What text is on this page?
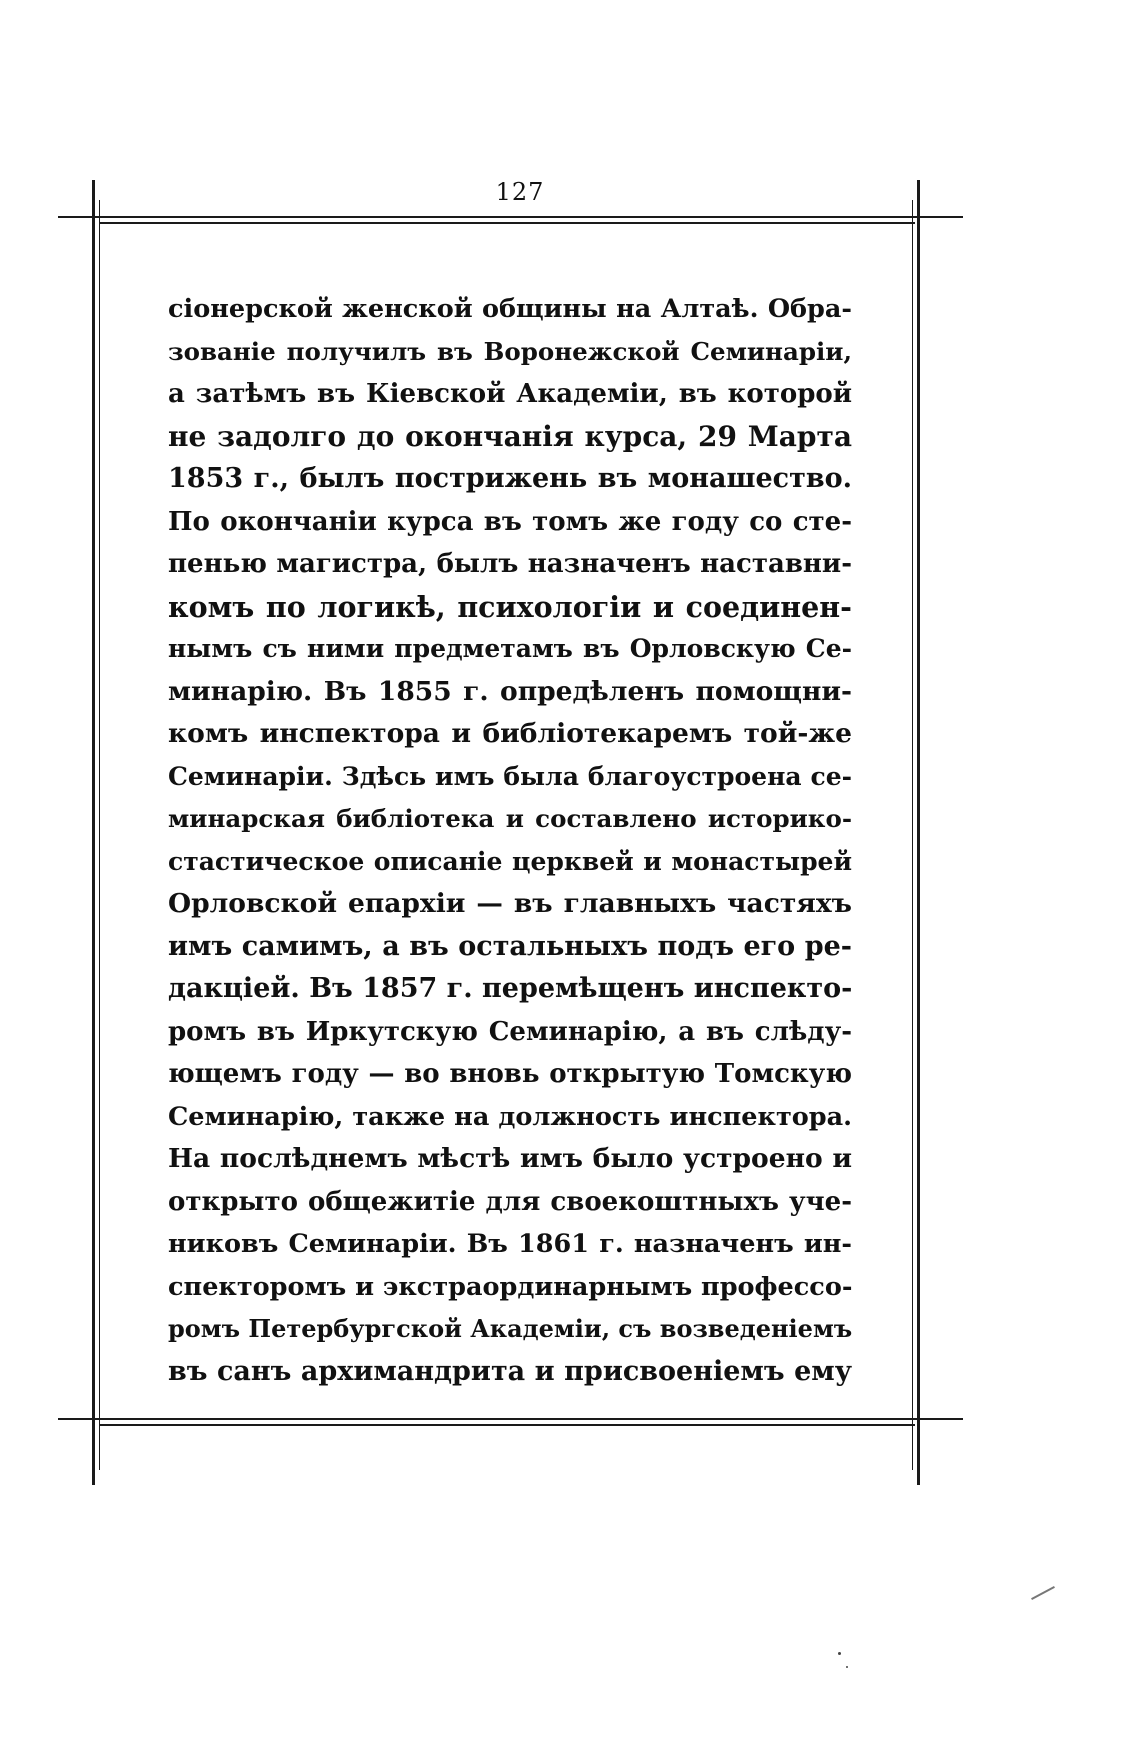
127
сіонерской женской общины на Алтаѣ. Обра-
зованіе получилъ въ Воронежской Семинаріи,
а затѣмъ въ Кіевской Академіи, въ которой
не задолго до окончанія курса, 29 Марта
1853 г., былъ пострижень въ монашество.
По окончаніи курса въ томъ же году со сте-
пенью магистра, былъ назначенъ наставни-
комъ по логикѣ, психологіи и соединен-
нымъ съ ними предметамъ въ Орловскую Се-
минарію. Въ 1855 г. опредѣленъ помощни-
комъ инспектора и библіотекаремъ той-же
Семинаріи. Здѣсь имъ была благоустроена се-
минарская библіотека и составлено историко-
стастическое описаніе церквей и монастырей
Орловской епархіи — въ главныхъ частяхъ
имъ самимъ, а въ остальныхъ подъ его ре-
дакціей. Въ 1857 г. перемѣщенъ инспекто-
ромъ въ Иркутскую Семинарію, а въ слѣду-
ющемъ году — во вновь открытую Томскую
Семинарію, также на должность инспектора.
На послѣднемъ мѣстѣ имъ было устроено и
открыто общежитіе для своекоштныхъ уче-
никовъ Семинаріи. Въ 1861 г. назначенъ ин-
спекторомъ и экстраординарнымъ профессо-
ромъ Петербургской Академіи, съ возведеніемъ
въ санъ архимандрита и присвоеніемъ ему
